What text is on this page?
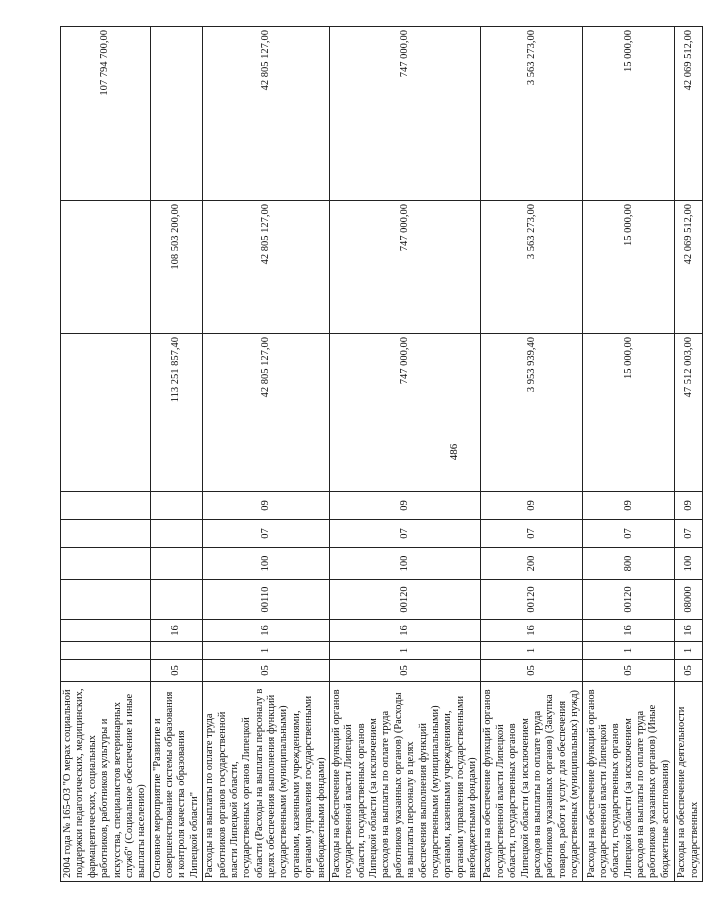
486
2004 года № 165-ОЗ "О мерах социальной поддержки педагогических, медицинских, фармацевтических, социальных работников, работников культуры и искусства, специалистов ветеринарных служб" (Социальное обеспечение и иные выплаты населению)										107 794 700,00
Основное мероприятие "Развитие и совершенствование системы образования и контроля качества образования Липецкой области"	05		16					113 251 857,40	108 503 200,00	
Расходы на выплаты по оплате труда работников органов государственной власти Липецкой области, государственных органов Липецкой области (Расходы на выплаты персоналу в целях обеспечения выполнения функций государственными (муниципальными) органами, казенными учреждениями, органами управления государственными внебюджетными фондами)	05	1	16	00110	100	07	09	42 805 127,00	42 805 127,00	42 805 127,00
Расходы на обеспечение функций органов государственной власти Липецкой области, государственных органов Липецкой области (за исключением расходов на выплаты по оплате труда работников указанных органов) (Расходы на выплаты персоналу в целях обеспечения выполнения функций государственными (муниципальными) органами, казенными учреждениями, органами управления государственными внебюджетными фондами)	05	1	16	00120	100	07	09	747 000,00	747 000,00	747 000,00
Расходы на обеспечение функций органов государственной власти Липецкой области, государственных органов Липецкой области (за исключением расходов на выплаты по оплате труда работников указанных органов) (Закупка товаров, работ и услуг для обеспечения государственных (муниципальных) нужд)	05	1	16	00120	200	07	09	3 953 939,40	3 563 273,00	3 563 273,00
Расходы на обеспечение функций органов государственной власти Липецкой области, государственных органов Липецкой области (за исключением расходов на выплаты по оплате труда работников указанных органов) (Иные бюджетные ассигнования)	05	1	16	00120	800	07	09	15 000,00	15 000,00	15 000,00
Расходы на обеспечение деятельности государственных	05	1	16	08000	100	07	09	47 512 003,00	42 069 512,00	42 069 512,00
